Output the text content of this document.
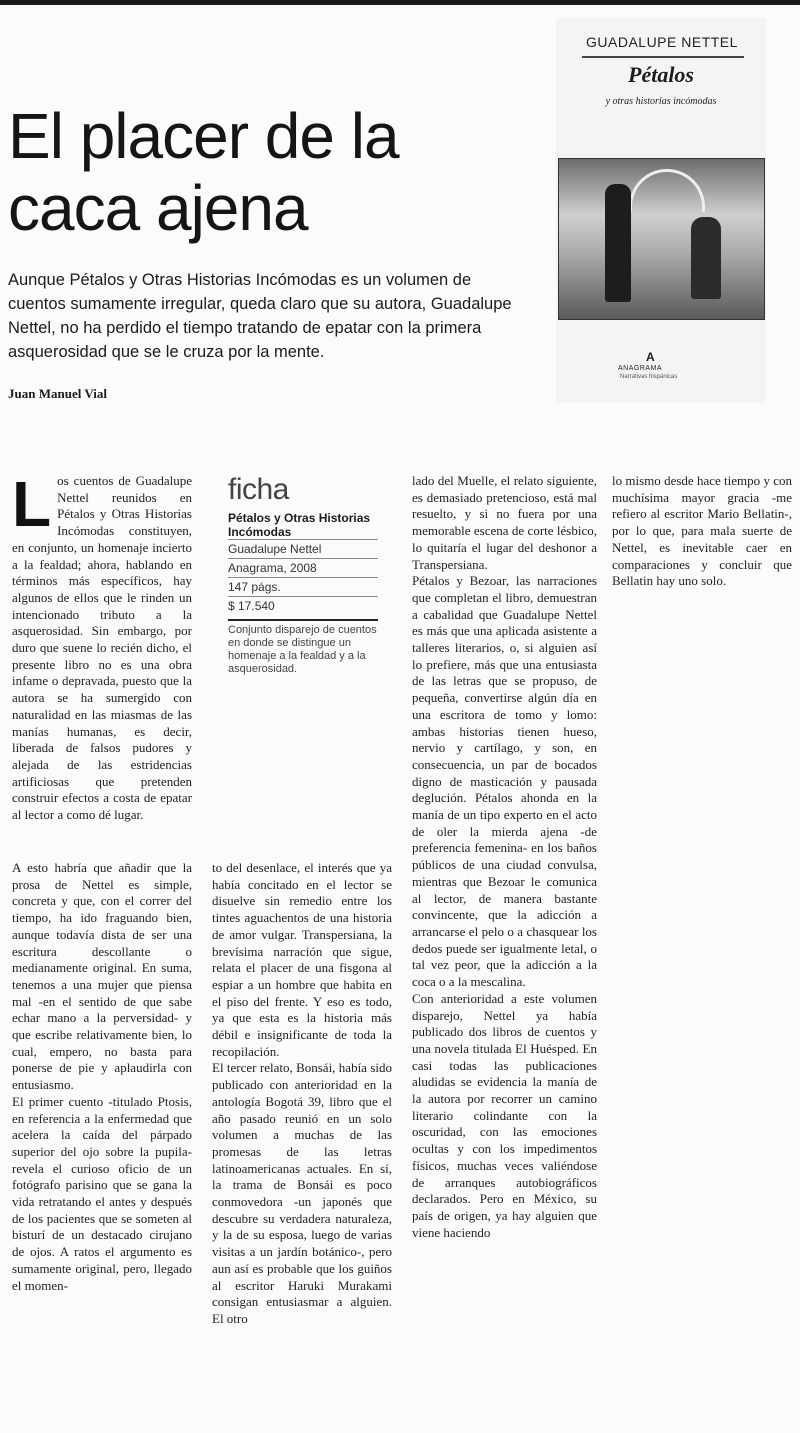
GUADALUPE NETTEL
Pétalos
y otras historias incómodas
A
ANAGRAMA
Narrativas hispánicas
El placer de la caca ajena

Aunque Pétalos y Otras Historias Incómodas es un volumen de cuentos sumamente irregular, queda claro que su autora, Guadalupe Nettel, no ha perdido el tiempo tratando de epatar con la primera asquerosidad que se le cruza por la mente.

Juan Manuel Vial
L os cuentos de Guadalupe Nettel reunidos en Pétalos y Otras Historias Incómodas constituyen, en conjunto, un homenaje incierto a la fealdad; ahora, hablando en términos más específicos, hay algunos de ellos que le rinden un intencionado tributo a la asquerosidad. Sin embargo, por duro que suene lo recién dicho, el presente libro no es una obra infame o depravada, puesto que la autora se ha sumergido con naturalidad en las miasmas de las manías humanas, es decir, liberada de falsos pudores y alejada de las estridencias artificiosas que pretenden construir efectos a costa de epatar al lector a como dé lugar.
ficha
Pétalos y Otras Historias Incómodas
Guadalupe Nettel
Anagrama, 2008
147 págs.
$ 17.540
Conjunto disparejo de cuentos en donde se distingue un homenaje a la fealdad y a la asquerosidad.

A esto habría que añadir que la prosa de Nettel es simple, concreta y que, con el correr del tiempo, ha ido fraguando bien, aunque todavía dista de ser una escritura descollante o medianamente original. En suma, tenemos a una mujer que piensa mal -en el sentido de que sabe echar mano a la perversidad- y que escribe relativamente bien, lo cual, empero, no basta para ponerse de pie y aplaudirla con entusiasmo.

El primer cuento -titulado Ptosis, en referencia a la enfermedad que acelera la caída del párpado superior del ojo sobre la pupila- revela el curioso oficio de un fotógrafo parisino que se gana la vida retratando el antes y después de los pacientes que se someten al bisturí de un destacado cirujano de ojos. A ratos el argumento es sumamente original, pero, llegado el momen-

to del desenlace, el interés que ya había concitado en el lector se disuelve sin remedio entre los tintes aguachentos de una historia de amor vulgar. Transpersiana, la brevísima narración que sigue, relata el placer de una fisgona al espiar a un hombre que habita en el piso del frente. Y eso es todo, ya que esta es la historia más débil e insignificante de toda la recopilación.

El tercer relato, Bonsái, había sido publicado con anterioridad en la antología Bogotá 39, libro que el año pasado reunió en un solo volumen a muchas de las promesas de las letras latinoamericanas actuales. En sí, la trama de Bonsái es poco conmovedora -un japonés que descubre su verdadera naturaleza, y la de su esposa, luego de varias visitas a un jardín botánico-, pero aun así es probable que los guiños al escritor Haruki Murakami consigan entusiasmar a alguien. El otro

lado del Muelle, el relato siguiente, es demasiado pretencioso, está mal resuelto, y si no fuera por una memorable escena de corte lésbico, lo quitaría el lugar del deshonor a Transpersiana.

Pétalos y Bezoar, las narraciones que completan el libro, demuestran a cabalidad que Guadalupe Nettel es más que una aplicada asistente a talleres literarios, o, si alguien así lo prefiere, más que una entusiasta de las letras que se propuso, de pequeña, convertirse algún día en una escritora de tomo y lomo: ambas historias tienen hueso, nervio y cartílago, y son, en consecuencia, un par de bocados digno de masticación y pausada deglución. Pétalos ahonda en la manía de un tipo experto en el acto de oler la mierda ajena -de preferencia femenina- en los baños públicos de una ciudad convulsa, mientras que Bezoar le comunica al lector, de manera bastante convincente, que la adicción a arrancarse el pelo o a chasquear los dedos puede ser igualmente letal, o tal vez peor, que la adicción a la coca o a la mescalina.

Con anterioridad a este volumen disparejo, Nettel ya había publicado dos libros de cuentos y una novela titulada El Huésped. En casi todas las publicaciones aludidas se evidencia la manía de la autora por recorrer un camino literario colindante con la oscuridad, con las emociones ocultas y con los impedimentos físicos, muchas veces valiéndose de arranques autobiográficos declarados. Pero en México, su país de origen, ya hay alguien que viene haciendo

lo mismo desde hace tiempo y con muchísima mayor gracia -me refiero al escritor Mario Bellatin-, por lo que, para mala suerte de Nettel, es inevitable caer en comparaciones y concluir que Bellatin hay uno solo.
